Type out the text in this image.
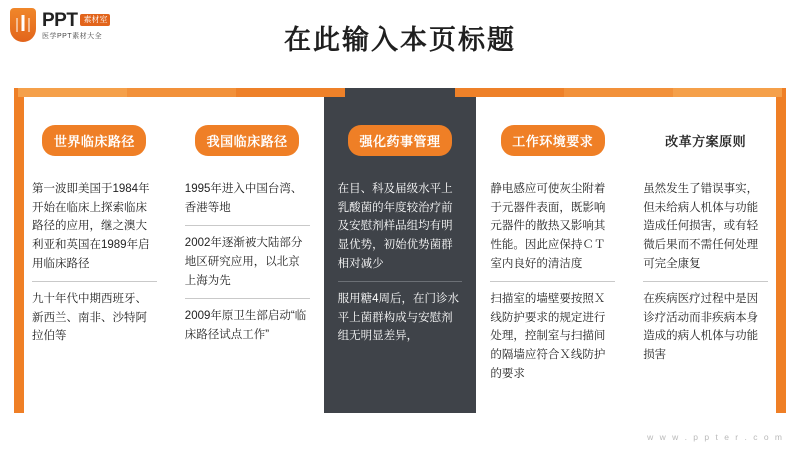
PPT 素材室
医学PPT素材大全	在此输入本页标题
世界临床路径
第一波即美国于1984年开始在临床上探索临床路径的应用，继之澳大利亚和英国在1989年启用临床路径
九十年代中期西班牙、新西兰、南非、沙特阿拉伯等
我国临床路径
1995年进入中国台湾、香港等地
2002年逐渐被大陆部分地区研究应用，以北京上海为先
2009年原卫生部启动“临床路径试点工作”
强化药事管理
在目、科及届级水平上乳酸菌的年度较治疗前及安慰剂样品组均有明显优势，初始优势菌群相对减少
服用糖4周后，在门诊水平上菌群构成与安慰剂组无明显差异，
工作环境要求
静电感应可使灰尘附着于元器件表面，既影响元器件的散热又影响其性能。因此应保持ＣＴ室内良好的清洁度
扫描室的墙壁要按照Ｘ线防护要求的规定进行处理，控制室与扫描间的隔墙应符合Ｘ线防护的要求
改革方案原则
虽然发生了错误事实，但未给病人机体与功能造成任何损害，或有轻微后果而不需任何处理可完全康复
在疾病医疗过程中是因诊疗活动而非疾病本身造成的病人机体与功能损害
w w w . p p t e r . c o m
